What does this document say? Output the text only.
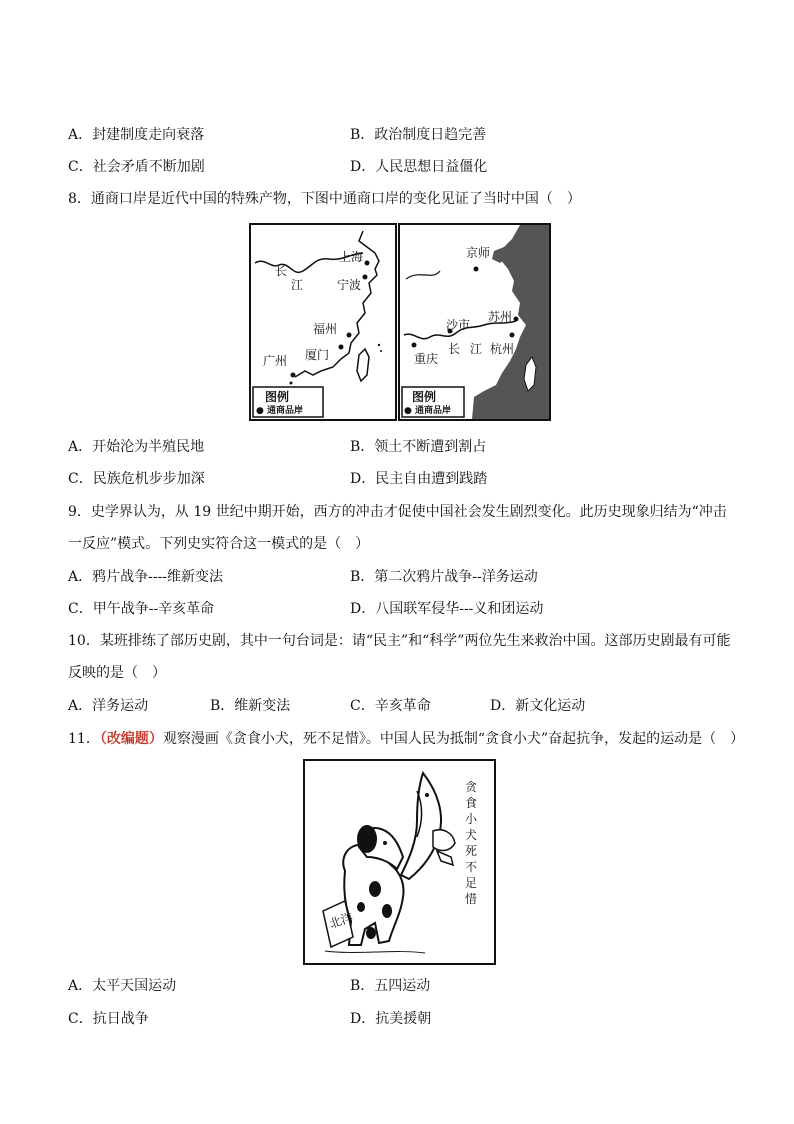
A．封建制度走向衰落	B．政治制度日趋完善
C．社会矛盾不断加剧	D．人民思想日益僵化
8．通商口岸是近代中国的特殊产物，下图中通商口岸的变化见证了当时中国（　）
上海
宁波
长
江
福州
厦门
广州
图例
● 通商品岸
京师
苏州
沙市
长 江 杭州
重庆
图例
● 通商品岸
A．开始沦为半殖民地	B．领土不断遭到割占
C．民族危机步步加深	D．民主自由遭到践踏
9．史学界认为，从 19 世纪中期开始，西方的冲击才促使中国社会发生剧烈变化。此历史现象归结为“冲击
一反应”模式。下列史实符合这一模式的是（　）
A．鸦片战争----维新变法	B．第二次鸦片战争--洋务运动
C．甲午战争--辛亥革命	D．八国联军侵华---义和团运动
10．某班排练了部历史剧，其中一句台词是：请“民主”和“科学”两位先生来救治中国。这部历史剧最有可能
反映的是（　）
A．洋务运动	B．维新变法	C．辛亥革命	D．新文化运动
11．（改编题）观察漫画《贪食小犬，死不足惜》。中国人民为抵制“贪食小犬”奋起抗争，发起的运动是（　）
北洋
贪
食
小
犬
死
不
足
惜
A．太平天国运动	B．五四运动
C．抗日战争	D．抗美援朝
